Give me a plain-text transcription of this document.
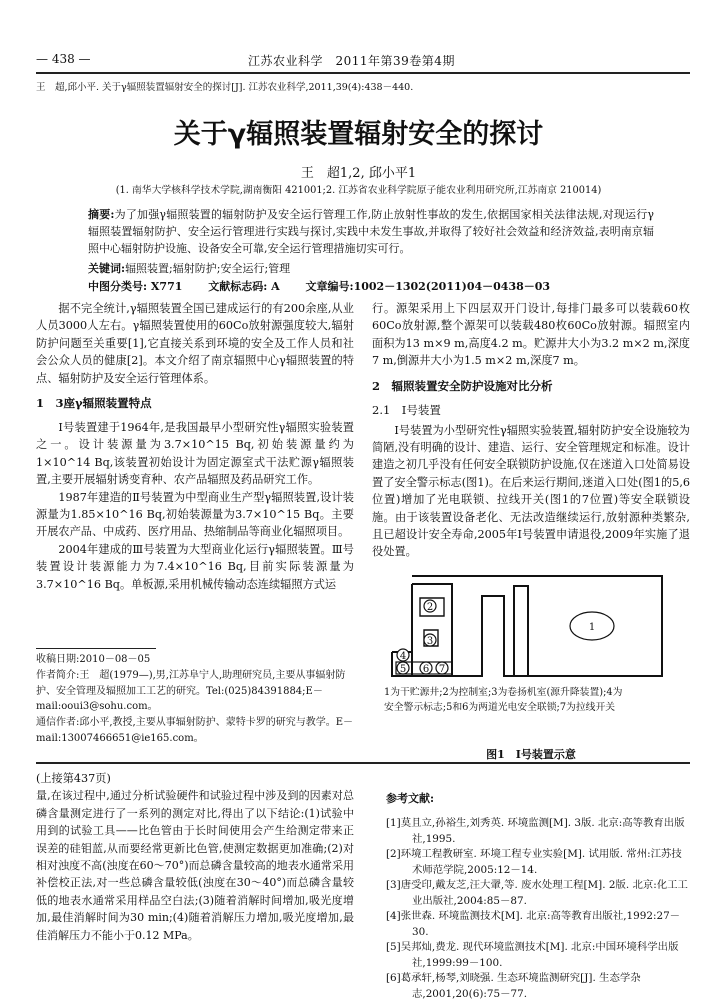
— 438 —	江苏农业科学　2011年第39卷第4期
王　超,邱小平. 关于γ辐照装置辐射安全的探讨[J]. 江苏农业科学,2011,39(4):438－440.
关于γ辐照装置辐射安全的探讨
王　超1,2, 邱小平1
(1. 南华大学核科学技术学院,湖南衡阳 421001;2. 江苏省农业科学院原子能农业利用研究所,江苏南京 210014)
摘要:为了加强γ辐照装置的辐射防护及安全运行管理工作,防止放射性事故的发生,依据国家相关法律法规,对现运行γ辐照装置辐射防护、安全运行管理进行实践与探讨,实践中未发生事故,并取得了较好社会效益和经济效益,表明南京辐照中心辐射防护设施、设备安全可靠,安全运行管理措施切实可行。
关键词:辐照装置;辐射防护;安全运行;管理
中图分类号: X771 文献标志码: A 文章编号:1002－1302(2011)04－0438－03

据不完全统计,γ辐照装置全国已建成运行的有200余座,从业人员3000人左右。γ辐照装置使用的60Co放射源强度较大,辐射防护问题至关重要[1],它直接关系到环境的安全及工作人员和社会公众人员的健康[2]。本文介绍了南京辐照中心γ辐照装置的特点、辐射防护及安全运行管理体系。

1　3座γ辐照装置特点

Ⅰ号装置建于1964年,是我国最早小型研究性γ辐照实验装置之一。设计装源量为3.7×10^15 Bq,初始装源量约为1×10^14 Bq,该装置初始设计为固定源室式干法贮源γ辐照装置,主要开展辐射诱变育种、农产品辐照及药品研究工作。

1987年建造的Ⅱ号装置为中型商业生产型γ辐照装置,设计装源量为1.85×10^16 Bq,初始装源量为3.7×10^15 Bq。主要开展农产品、中成药、医疗用品、热缩制品等商业化辐照项目。

2004年建成的Ⅲ号装置为大型商业化运行γ辐照装置。Ⅲ号装置设计装源能力为7.4×10^16 Bq,目前实际装源量为3.7×10^16 Bq。单板源,采用机械传输动态连续辐照方式运

行。源架采用上下四层双开门设计,每排门最多可以装载60枚60Co放射源,整个源架可以装载480枚60Co放射源。辐照室内面积为13 m×9 m,高度4.2 m。贮源井大小为3.2 m×2 m,深度7 m,倒源井大小为1.5 m×2 m,深度7 m。

2　辐照装置安全防护设施对比分析
2.1　Ⅰ号装置

Ⅰ号装置为小型研究性γ辐照实验装置,辐射防护安全设施较为简陋,没有明确的设计、建造、运行、安全管理规定和标准。设计建造之初几乎没有任何安全联锁防护设施,仅在迷道入口处简易设置了安全警示标志(图1)。在后来运行期间,迷道入口处(图1的5,6位置)增加了光电联锁、拉线开关(图1的7位置)等安全联锁设施。由于该装置设备老化、无法改造继续运行,放射源种类繁杂,且已超设计安全寿命,2005年Ⅰ号装置申请退役,2009年实施了退役处置。

1
2
3
4
5 6 7
1为干贮源井;2为控制室;3为卷扬机室(源升降装置);4为安全警示标志;5和6为两道光电安全联锁;7为拉线开关
图1　Ⅰ号装置示意
收稿日期:2010－08－05
作者简介:王　超(1979—),男,江苏阜宁人,助理研究员,主要从事辐射防护、安全管理及辐照加工工艺的研究。Tel:(025)84391884;E－mail:oouі3@sohu.com。
通信作者:邱小平,教授,主要从事辐射防护、蒙特卡罗的研究与教学。E－mail:13007466651@ie165.com。
(上接第437页)

量,在该过程中,通过分析试验硬件和试验过程中涉及到的因素对总磷含量测定进行了一系列的测定对比,得出了以下结论:(1)试验中用到的试验工具——比色管由于长时间使用会产生给测定带来正误差的硅钼蓝,从而要经常更新比色管,使测定数据更加准确;(2)对相对浊度不高(浊度在60～70°)而总磷含量较高的地表水通常采用补偿校正法,对一些总磷含量较低(浊度在30～40°)而总磷含量较低的地表水通常采用样品空白法;(3)随着消解时间增加,吸光度增加,最佳消解时间为30 min;(4)随着消解压力增加,吸光度增加,最佳消解压力不能小于0.12 MPa。

参考文献:

[1]莫且立,孙裕生,刘秀英. 环境监测[M]. 3版. 北京:高等教育出版社,1995.

[2]环境工程教研室. 环境工程专业实验[M]. 试用版. 常州:江苏技术师范学院,2005:12－14.

[3]唐受印,戴友芝,汪大翬,等. 废水处理工程[M]. 2版. 北京:化工工业出版社,2004:85－87.

[4]张世森. 环境监测技术[M]. 北京:高等教育出版社,1992:27－30.

[5]吴邦灿,费龙. 现代环境监测技术[M]. 北京:中国环境科学出版社,1999:99－100.

[6]葛承轩,杨琴,刘晓强. 生态环境监测研究[J]. 生态学杂志,2001,20(6):75－77.
